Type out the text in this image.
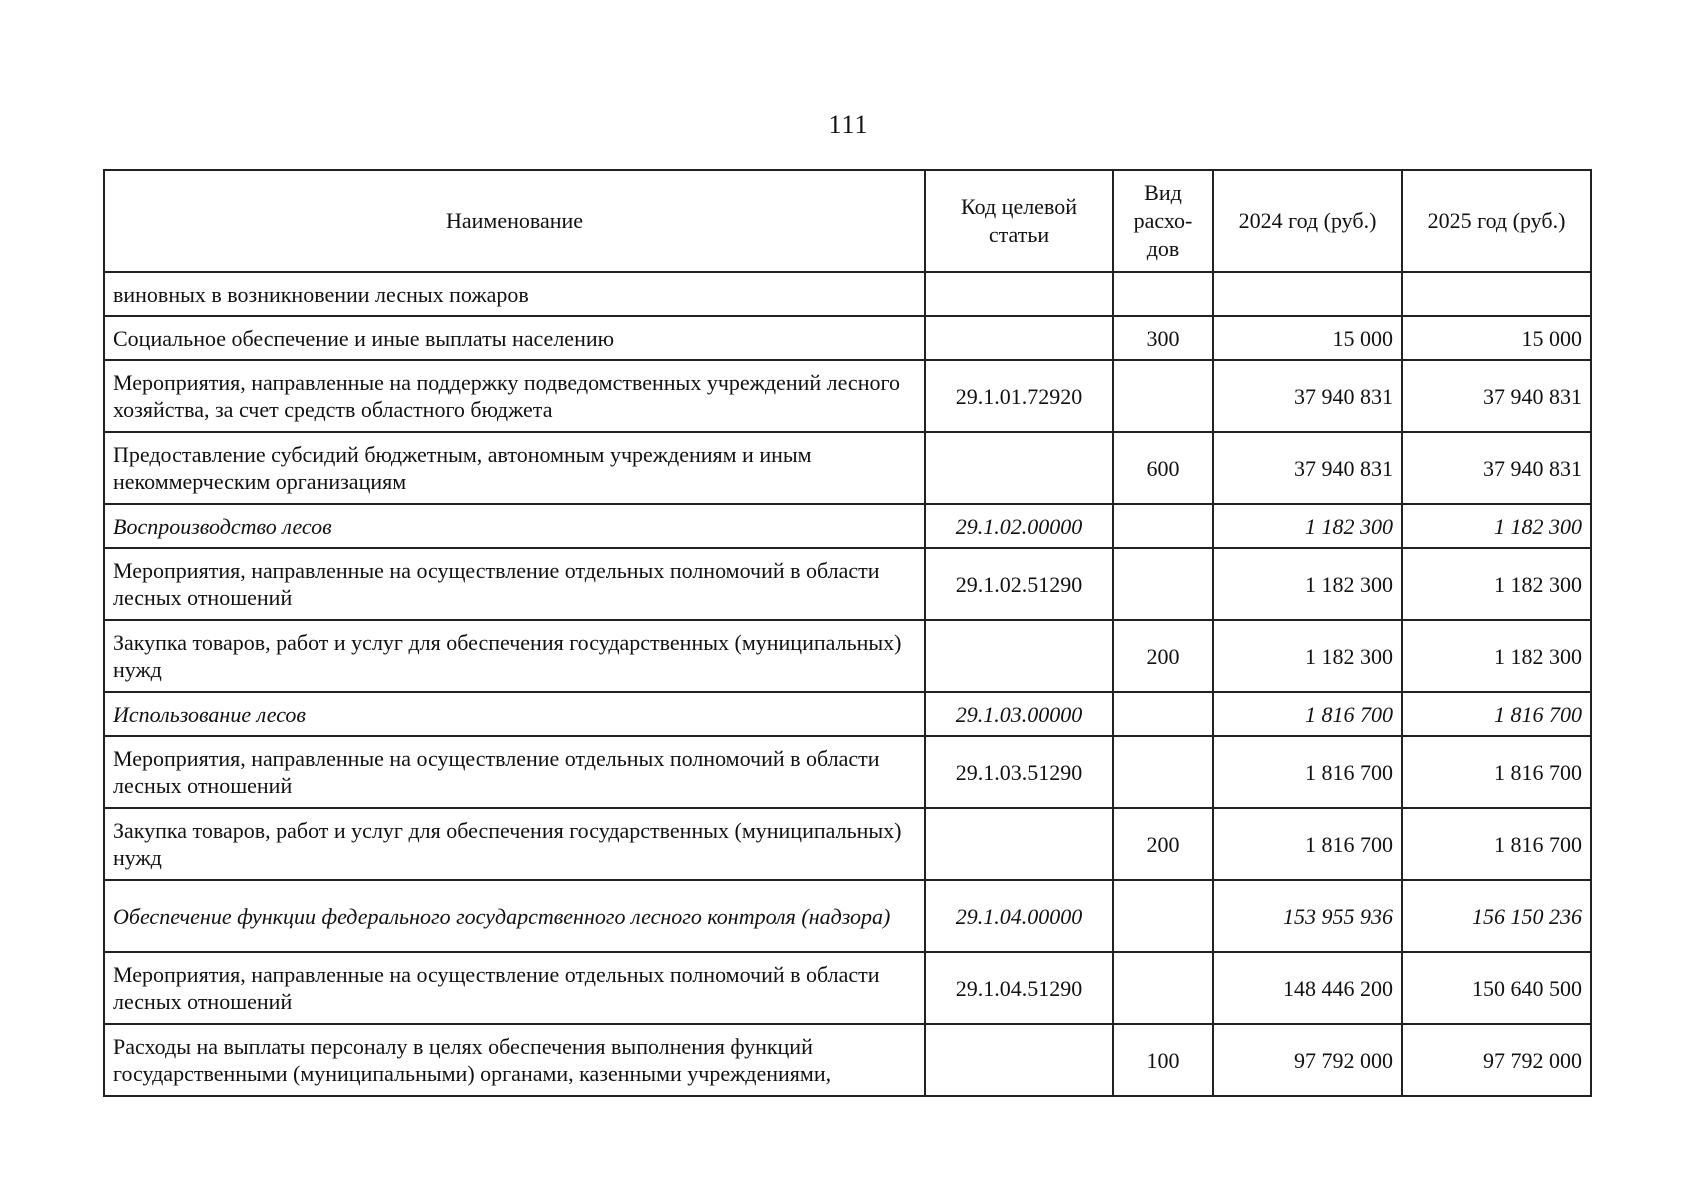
111
Наименование	Код целевой статьи	Вид расхо-дов	2024 год (руб.)	2025 год (руб.)
виновных в возникновении лесных пожаров				
Социальное обеспечение и иные выплаты населению		300	15 000	15 000
Мероприятия, направленные на поддержку подведомственных учреждений лесного хозяйства, за счет средств областного бюджета	29.1.01.72920		37 940 831	37 940 831
Предоставление субсидий бюджетным, автономным учреждениям и иным некоммерческим организациям		600	37 940 831	37 940 831
Воспроизводство лесов	29.1.02.00000		1 182 300	1 182 300
Мероприятия, направленные на осуществление отдельных полномочий в области лесных отношений	29.1.02.51290		1 182 300	1 182 300
Закупка товаров, работ и услуг для обеспечения государственных (муниципальных) нужд		200	1 182 300	1 182 300
Использование лесов	29.1.03.00000		1 816 700	1 816 700
Мероприятия, направленные на осуществление отдельных полномочий в области лесных отношений	29.1.03.51290		1 816 700	1 816 700
Закупка товаров, работ и услуг для обеспечения государственных (муниципальных) нужд		200	1 816 700	1 816 700
Обеспечение функции федерального государственного лесного контроля (надзора)	29.1.04.00000		153 955 936	156 150 236
Мероприятия, направленные на осуществление отдельных полномочий в области лесных отношений	29.1.04.51290		148 446 200	150 640 500
Расходы на выплаты персоналу в целях обеспечения выполнения функций государственными (муниципальными) органами, казенными учреждениями,		100	97 792 000	97 792 000
